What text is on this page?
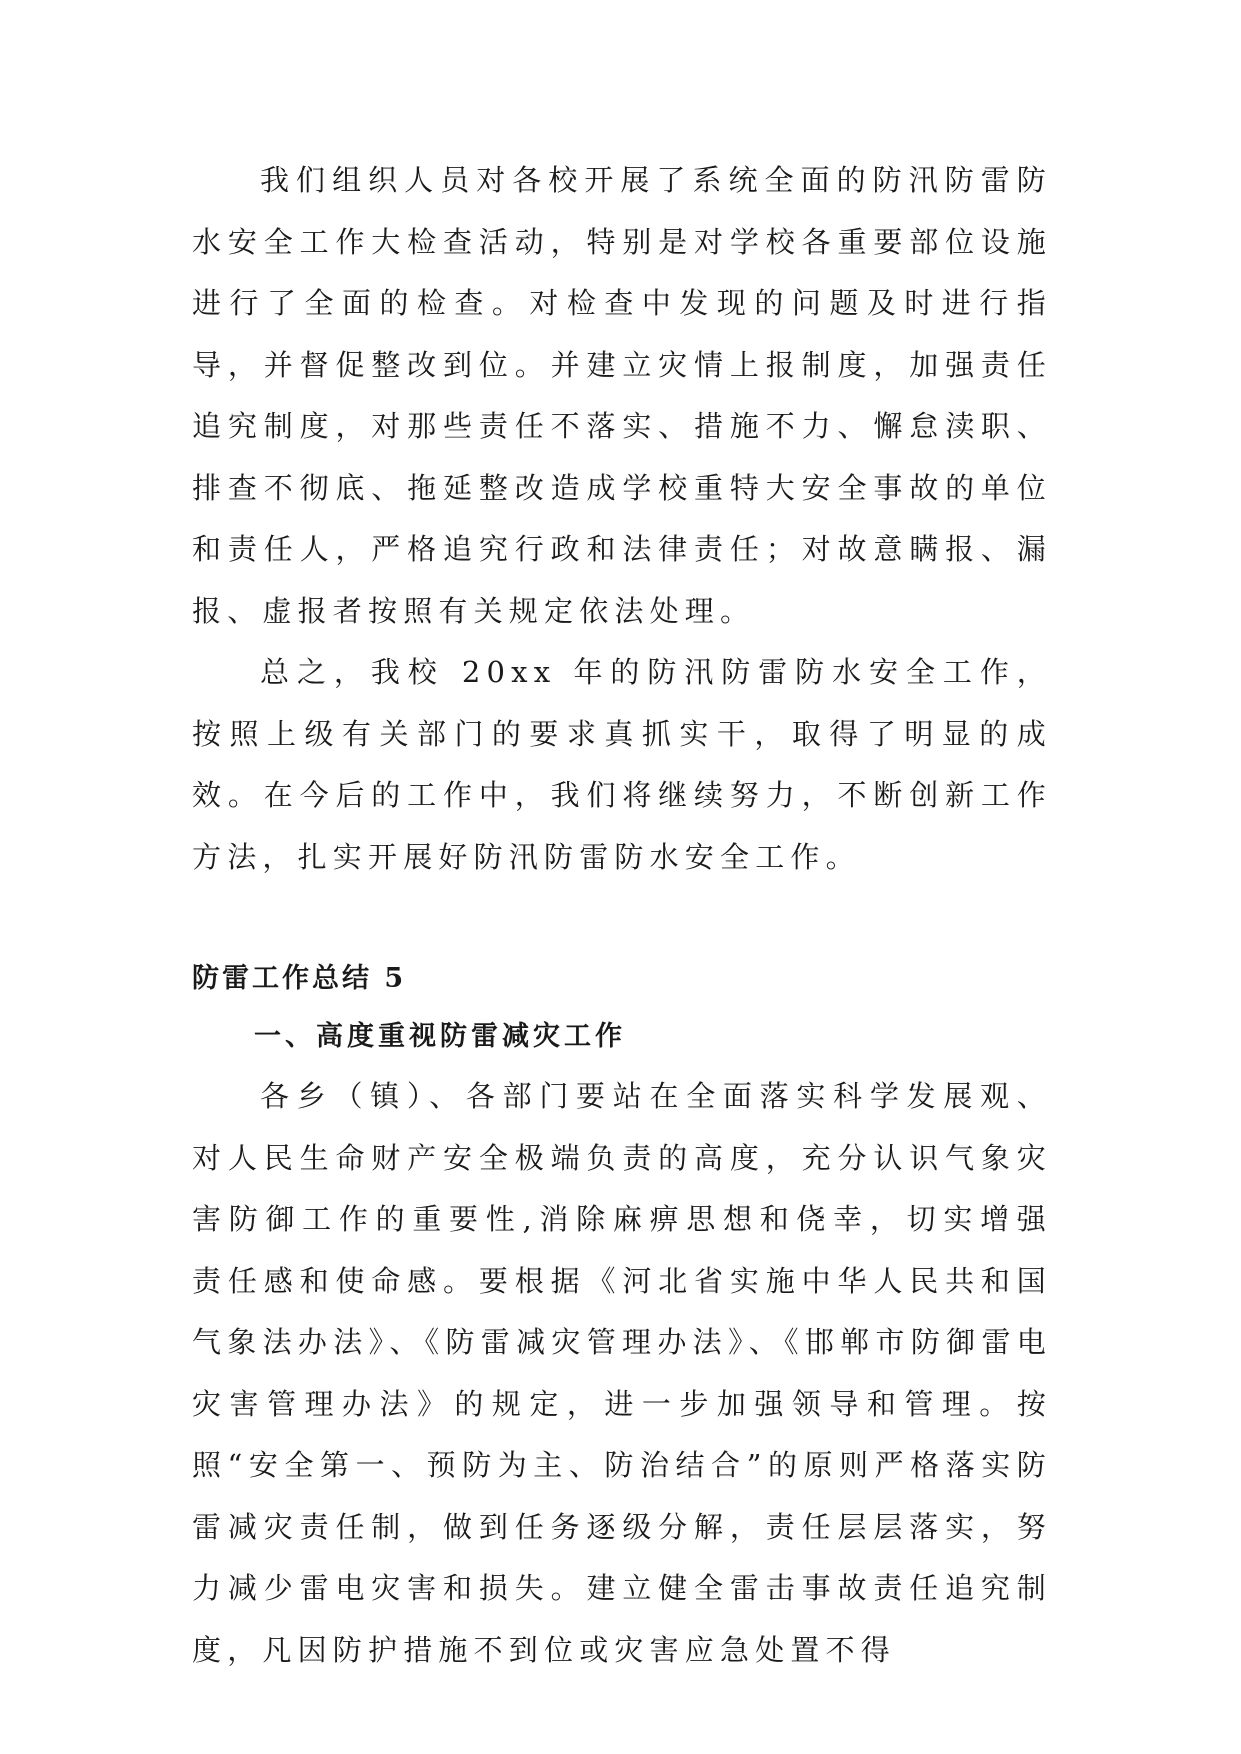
我们组织人员对各校开展了系统全面的防汛防雷防水安全工作大检查活动，特别是对学校各重要部位设施进行了全面的检查。对检查中发现的问题及时进行指导，并督促整改到位。并建立灾情上报制度，加强责任追究制度，对那些责任不落实、措施不力、懈怠渎职、排查不彻底、拖延整改造成学校重特大安全事故的单位和责任人，严格追究行政和法律责任；对故意瞒报、漏报、虚报者按照有关规定依法处理。

总之，我校 20xx 年的防汛防雷防水安全工作，按照上级有关部门的要求真抓实干，取得了明显的成效。在今后的工作中，我们将继续努力，不断创新工作方法，扎实开展好防汛防雷防水安全工作。

防雷工作总结 5
一、高度重视防雷减灾工作

各乡（镇）、各部门要站在全面落实科学发展观、对人民生命财产安全极端负责的高度，充分认识气象灾害防御工作的重要性,消除麻痹思想和侥幸，切实增强责任感和使命感。要根据《河北省实施中华人民共和国气象法办法》、《防雷减灾管理办法》、《邯郸市防御雷电灾害管理办法》的规定，进一步加强领导和管理。按照“安全第一、预防为主、防治结合”的原则严格落实防雷减灾责任制，做到任务逐级分解，责任层层落实，努力减少雷电灾害和损失。建立健全雷击事故责任追究制度，凡因防护措施不到位或灾害应急处置不得
